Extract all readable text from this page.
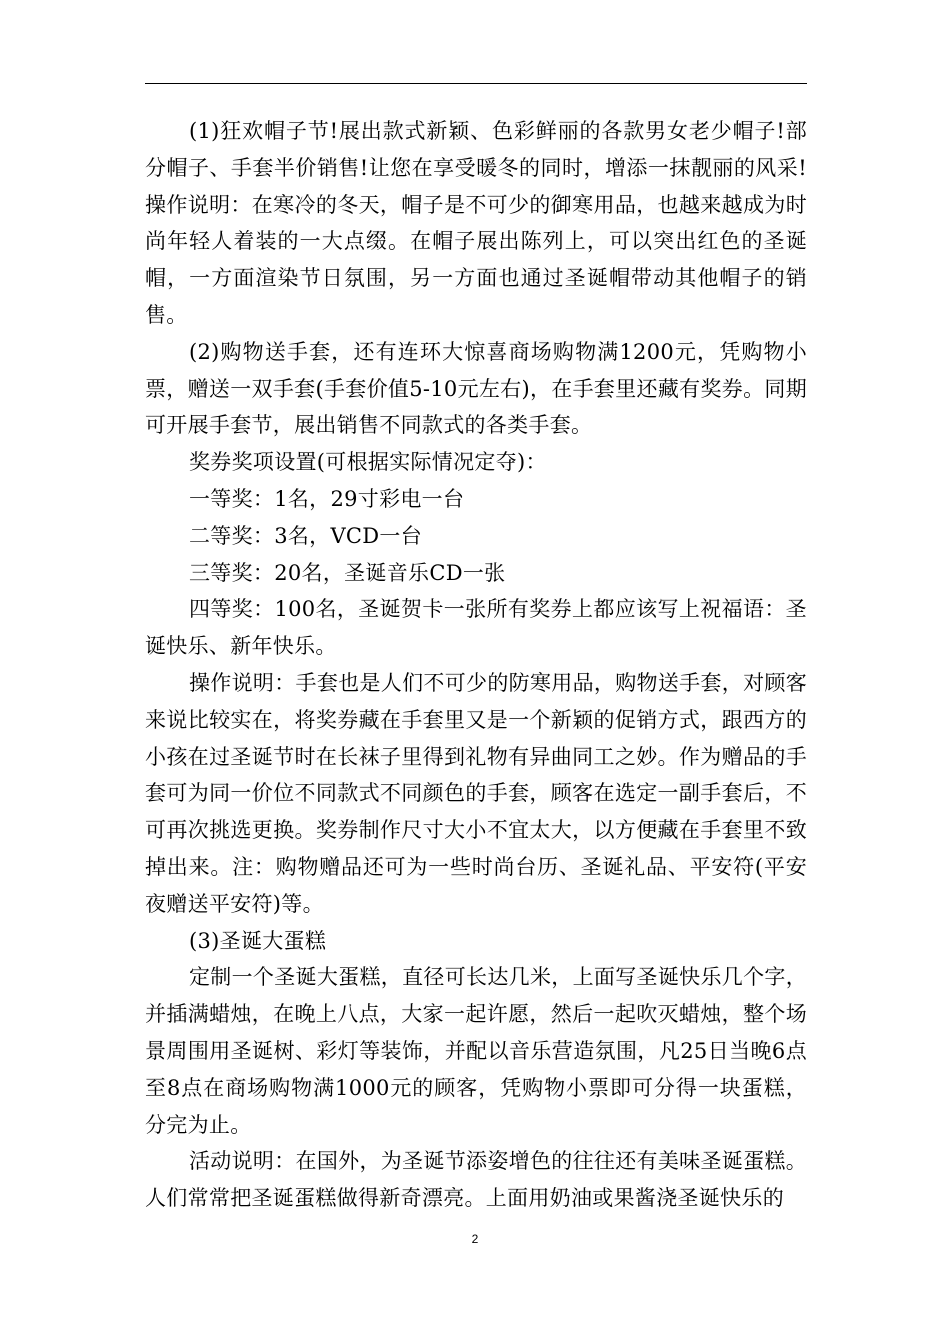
(1)狂欢帽子节!展出款式新颖、色彩鲜丽的各款男女老少帽子!部分帽子、手套半价销售!让您在享受暖冬的同时，增添一抹靓丽的风采!操作说明：在寒冷的冬天，帽子是不可少的御寒用品，也越来越成为时尚年轻人着装的一大点缀。在帽子展出陈列上，可以突出红色的圣诞帽，一方面渲染节日氛围，另一方面也通过圣诞帽带动其他帽子的销售。

(2)购物送手套，还有连环大惊喜商场购物满1200元，凭购物小票，赠送一双手套(手套价值5-10元左右)，在手套里还藏有奖券。同期可开展手套节，展出销售不同款式的各类手套。

奖券奖项设置(可根据实际情况定夺)：

一等奖：1名，29寸彩电一台

二等奖：3名，VCD一台

三等奖：20名，圣诞音乐CD一张

四等奖：100名，圣诞贺卡一张所有奖券上都应该写上祝福语：圣诞快乐、新年快乐。

操作说明：手套也是人们不可少的防寒用品，购物送手套，对顾客来说比较实在，将奖券藏在手套里又是一个新颖的促销方式，跟西方的小孩在过圣诞节时在长袜子里得到礼物有异曲同工之妙。作为赠品的手套可为同一价位不同款式不同颜色的手套，顾客在选定一副手套后，不可再次挑选更换。奖券制作尺寸大小不宜太大，以方便藏在手套里不致掉出来。注：购物赠品还可为一些时尚台历、圣诞礼品、平安符(平安夜赠送平安符)等。

(3)圣诞大蛋糕

定制一个圣诞大蛋糕，直径可长达几米，上面写圣诞快乐几个字，并插满蜡烛，在晚上八点，大家一起许愿，然后一起吹灭蜡烛，整个场景周围用圣诞树、彩灯等装饰，并配以音乐营造氛围，凡25日当晚6点至8点在商场购物满1000元的顾客，凭购物小票即可分得一块蛋糕，分完为止。

活动说明：在国外，为圣诞节添姿增色的往往还有美味圣诞蛋糕。人们常常把圣诞蛋糕做得新奇漂亮。上面用奶油或果酱浇圣诞快乐的

2
